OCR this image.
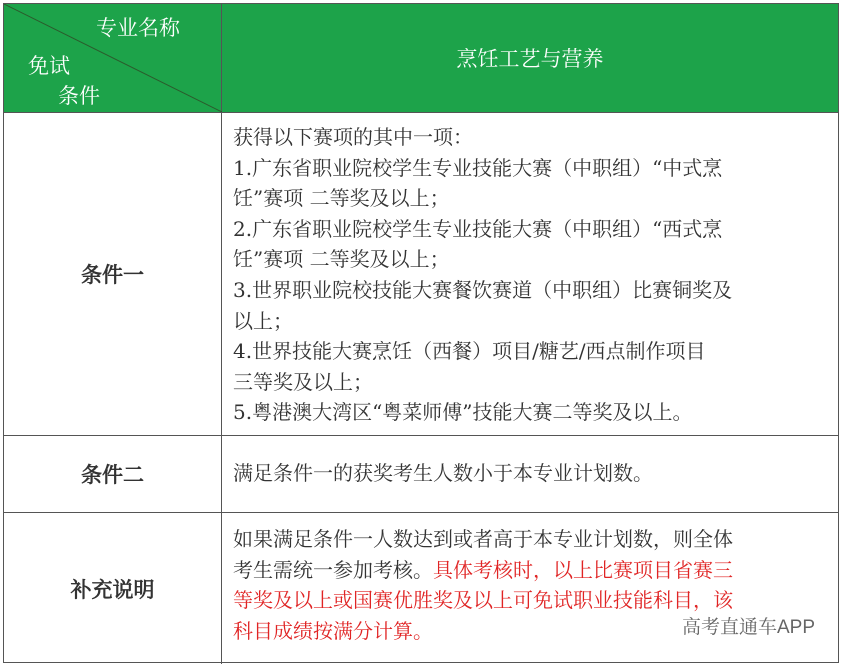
专业名称
免试
条件
烹饪工艺与营养
条件一
获得以下赛项的其中一项：
1.广东省职业院校学生专业技能大赛（中职组）“中式烹
饪”赛项 二等奖及以上；
2.广东省职业院校学生专业技能大赛（中职组）“西式烹
饪”赛项 二等奖及以上；
3.世界职业院校技能大赛餐饮赛道（中职组）比赛铜奖及
以上；
4.世界技能大赛烹饪（西餐）项目/糖艺/西点制作项目
三等奖及以上；
5.粤港澳大湾区“粤菜师傅”技能大赛二等奖及以上。
条件二	满足条件一的获奖考生人数小于本专业计划数。
补充说明
如果满足条件一人数达到或者高于本专业计划数，则全体
考生需统一参加考核。具体考核时，以上比赛项目省赛三
等奖及以上或国赛优胜奖及以上可免试职业技能科目，该
科目成绩按满分计算。	高考直通车APP
